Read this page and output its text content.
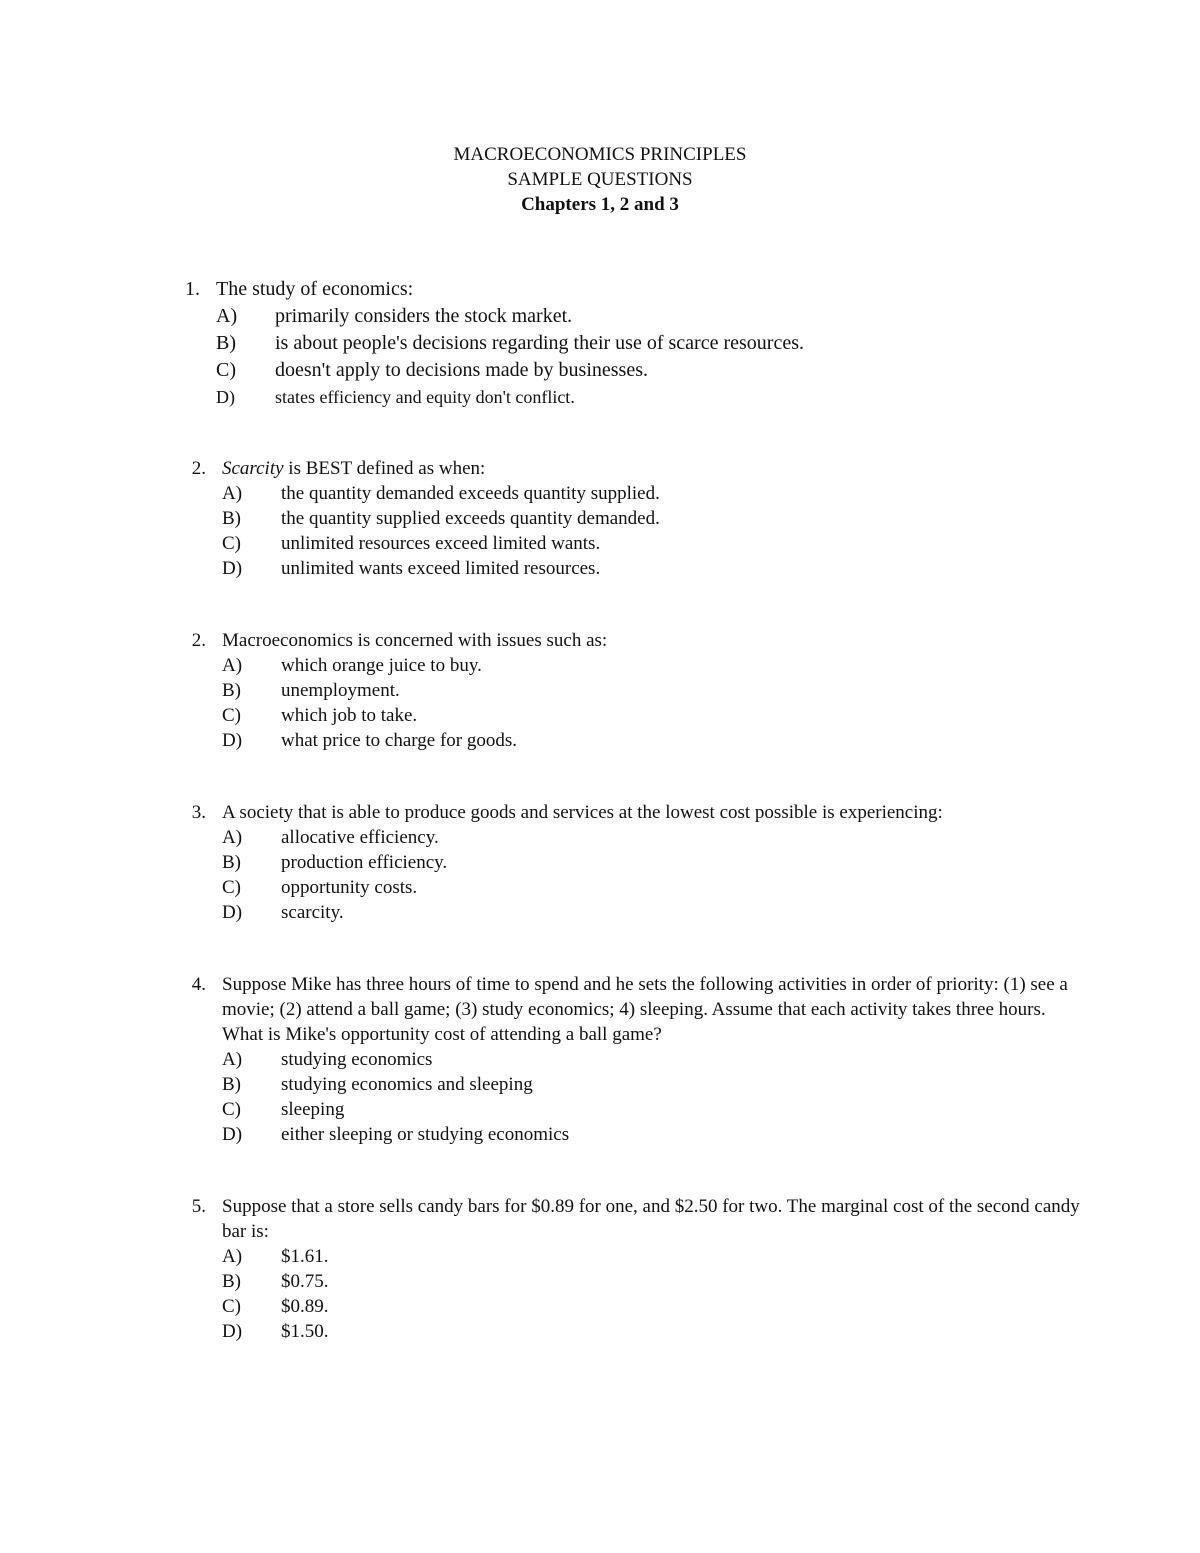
MACROECONOMICS PRINCIPLES
SAMPLE QUESTIONS
Chapters 1, 2 and 3
1. The study of economics:
A) primarily considers the stock market.
B) is about people's decisions regarding their use of scarce resources.
C) doesn't apply to decisions made by businesses.
D) states efficiency and equity don't conflict.
2. Scarcity is BEST defined as when:
A) the quantity demanded exceeds quantity supplied.
B) the quantity supplied exceeds quantity demanded.
C) unlimited resources exceed limited wants.
D) unlimited wants exceed limited resources.
2. Macroeconomics is concerned with issues such as:
A) which orange juice to buy.
B) unemployment.
C) which job to take.
D) what price to charge for goods.
3. A society that is able to produce goods and services at the lowest cost possible is experiencing:
A) allocative efficiency.
B) production efficiency.
C) opportunity costs.
D) scarcity.
4. Suppose Mike has three hours of time to spend and he sets the following activities in order of priority: (1) see a movie; (2) attend a ball game; (3) study economics; 4) sleeping. Assume that each activity takes three hours. What is Mike's opportunity cost of attending a ball game?
A) studying economics
B) studying economics and sleeping
C) sleeping
D) either sleeping or studying economics
5. Suppose that a store sells candy bars for $0.89 for one, and $2.50 for two. The marginal cost of the second candy bar is:
A) $1.61.
B) $0.75.
C) $0.89.
D) $1.50.
